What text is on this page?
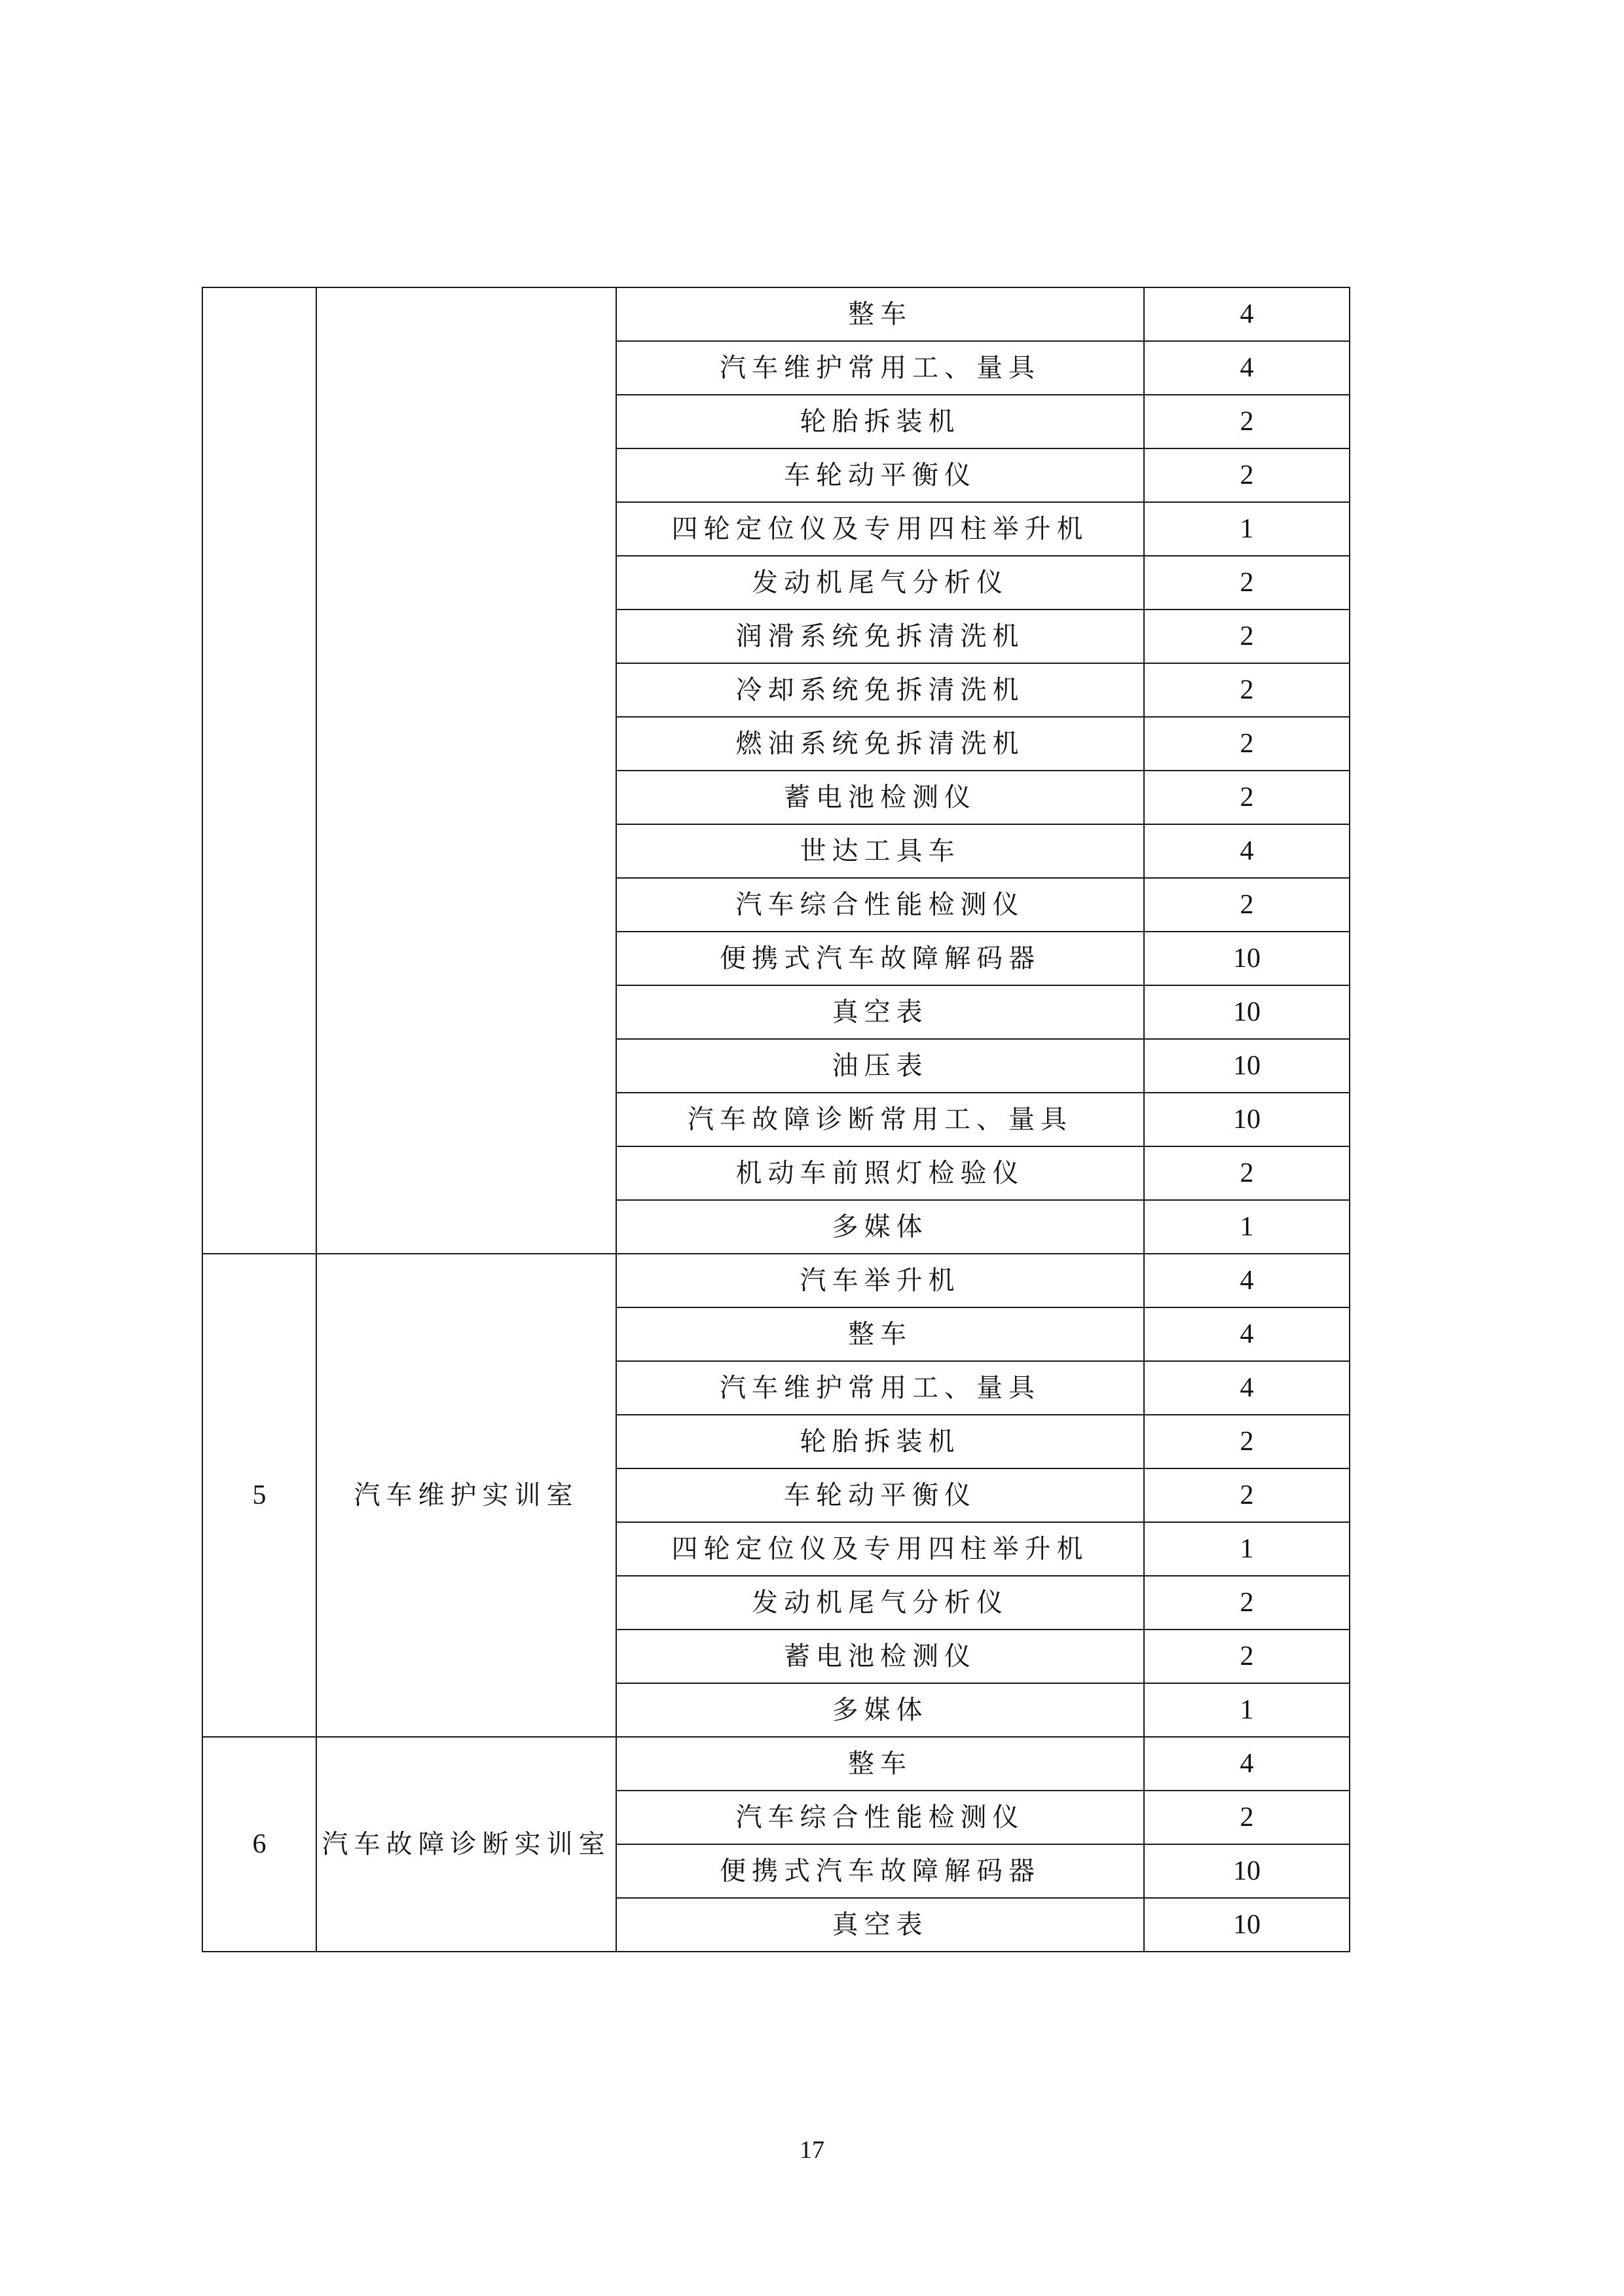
		整车	4
		汽车维护常用工、量具	4
		轮胎拆装机	2
		车轮动平衡仪	2
		四轮定位仪及专用四柱举升机	1
		发动机尾气分析仪	2
		润滑系统免拆清洗机	2
		冷却系统免拆清洗机	2
		燃油系统免拆清洗机	2
		蓄电池检测仪	2
		世达工具车	4
		汽车综合性能检测仪	2
		便携式汽车故障解码器	10
		真空表	10
		油压表	10
		汽车故障诊断常用工、量具	10
		机动车前照灯检验仪	2
		多媒体	1
5	汽车维护实训室	汽车举升机	4
		整车	4
		汽车维护常用工、量具	4
		轮胎拆装机	2
		车轮动平衡仪	2
		四轮定位仪及专用四柱举升机	1
		发动机尾气分析仪	2
		蓄电池检测仪	2
		多媒体	1
6	汽车故障诊断实训室	整车	4
		汽车综合性能检测仪	2
		便携式汽车故障解码器	10
		真空表	10
17
